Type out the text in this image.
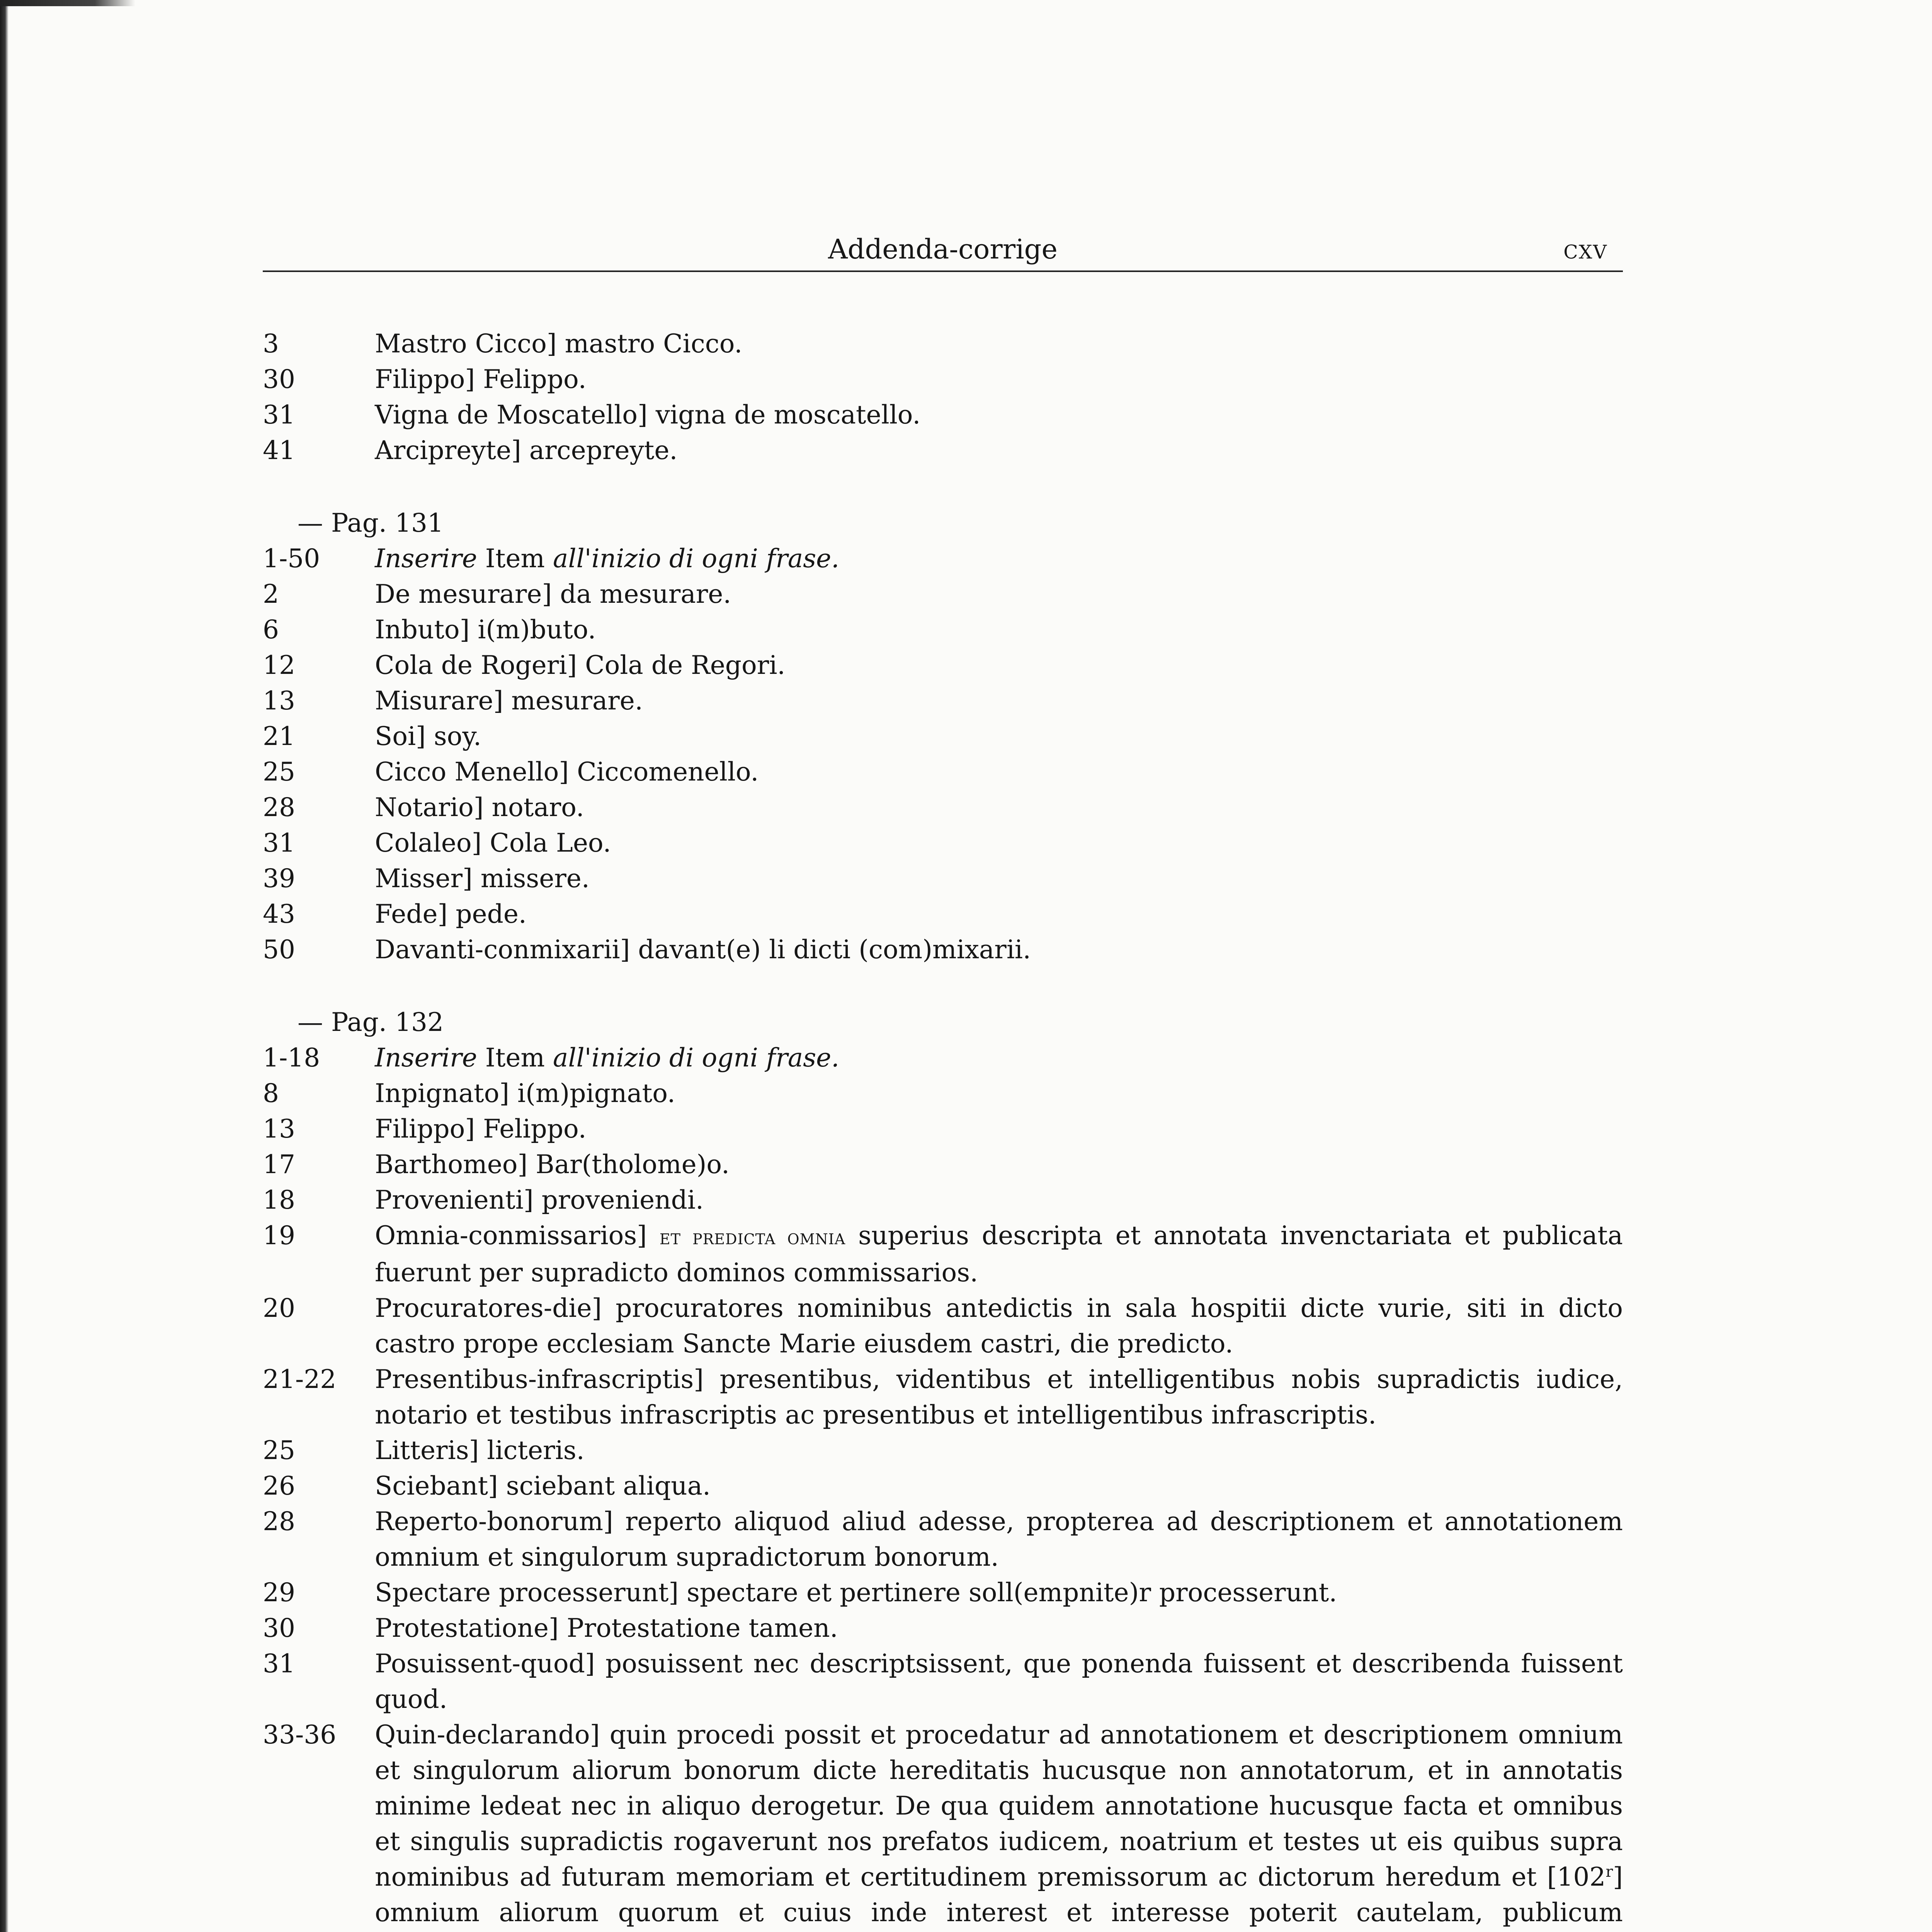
Addenda-corrige	cxv
3	Mastro Cicco] mastro Cicco.
30	Filippo] Felippo.
31	Vigna de Moscatello] vigna de moscatello.
41	Arcipreyte] arcepreyte.
— Pag. 131
1-50	Inserire Item all'inizio di ogni frase.
2	De mesurare] da mesurare.
6	Inbuto] i(m)buto.
12	Cola de Rogeri] Cola de Regori.
13	Misurare] mesurare.
21	Soi] soy.
25	Cicco Menello] Ciccomenello.
28	Notario] notaro.
31	Colaleo] Cola Leo.
39	Misser] missere.
43	Fede] pede.
50	Davanti-conmixarii] davant(e) li dicti (com)mixarii.
— Pag. 132
1-18	Inserire Item all'inizio di ogni frase.
8	Inpignato] i(m)pignato.
13	Filippo] Felippo.
17	Barthomeo] Bar(tholome)o.
18	Provenienti] proveniendi.
19	Omnia-conmissarios] et predicta omnia superius descripta et annotata invenctariata et publicata fuerunt per supradicto dominos commissarios.
20	Procuratores-die] procuratores nominibus antedictis in sala hospitii dicte vurie, siti in dicto castro prope ecclesiam Sancte Marie eiusdem castri, die predicto.
21-22	Presentibus-infrascriptis] presentibus, videntibus et intelligentibus nobis supradictis iudice, notario et testibus infrascriptis ac presentibus et intelligentibus infrascriptis.
25	Litteris] licteris.
26	Sciebant] sciebant aliqua.
28	Reperto-bonorum] reperto aliquod aliud adesse, propterea ad descriptionem et annotationem omnium et singulorum supradictorum bonorum.
29	Spectare processerunt] spectare et pertinere soll(empnite)r processerunt.
30	Protestatione] Protestatione tamen.
31	Posuissent-quod] posuissent nec descriptsissent, que ponenda fuissent et describenda fuissent quod.
33-36	Quin-declarando] quin procedi possit et procedatur ad annotationem et descriptionem omnium et singulorum aliorum bonorum dicte hereditatis hucusque non annotatorum, et in annotatis minime ledeat nec in aliquo derogetur. De qua quidem annotatione hucusque facta et omnibus et singulis supradictis rogaverunt nos prefatos iudicem, noatrium et testes ut eis quibus supra nominibus ad futuram memoriam et certitudinem premissorum ac dictorum heredum et [102$^r$] omnium aliorum quorum et cuius inde interest et interesse poterit cautelam, publicum
